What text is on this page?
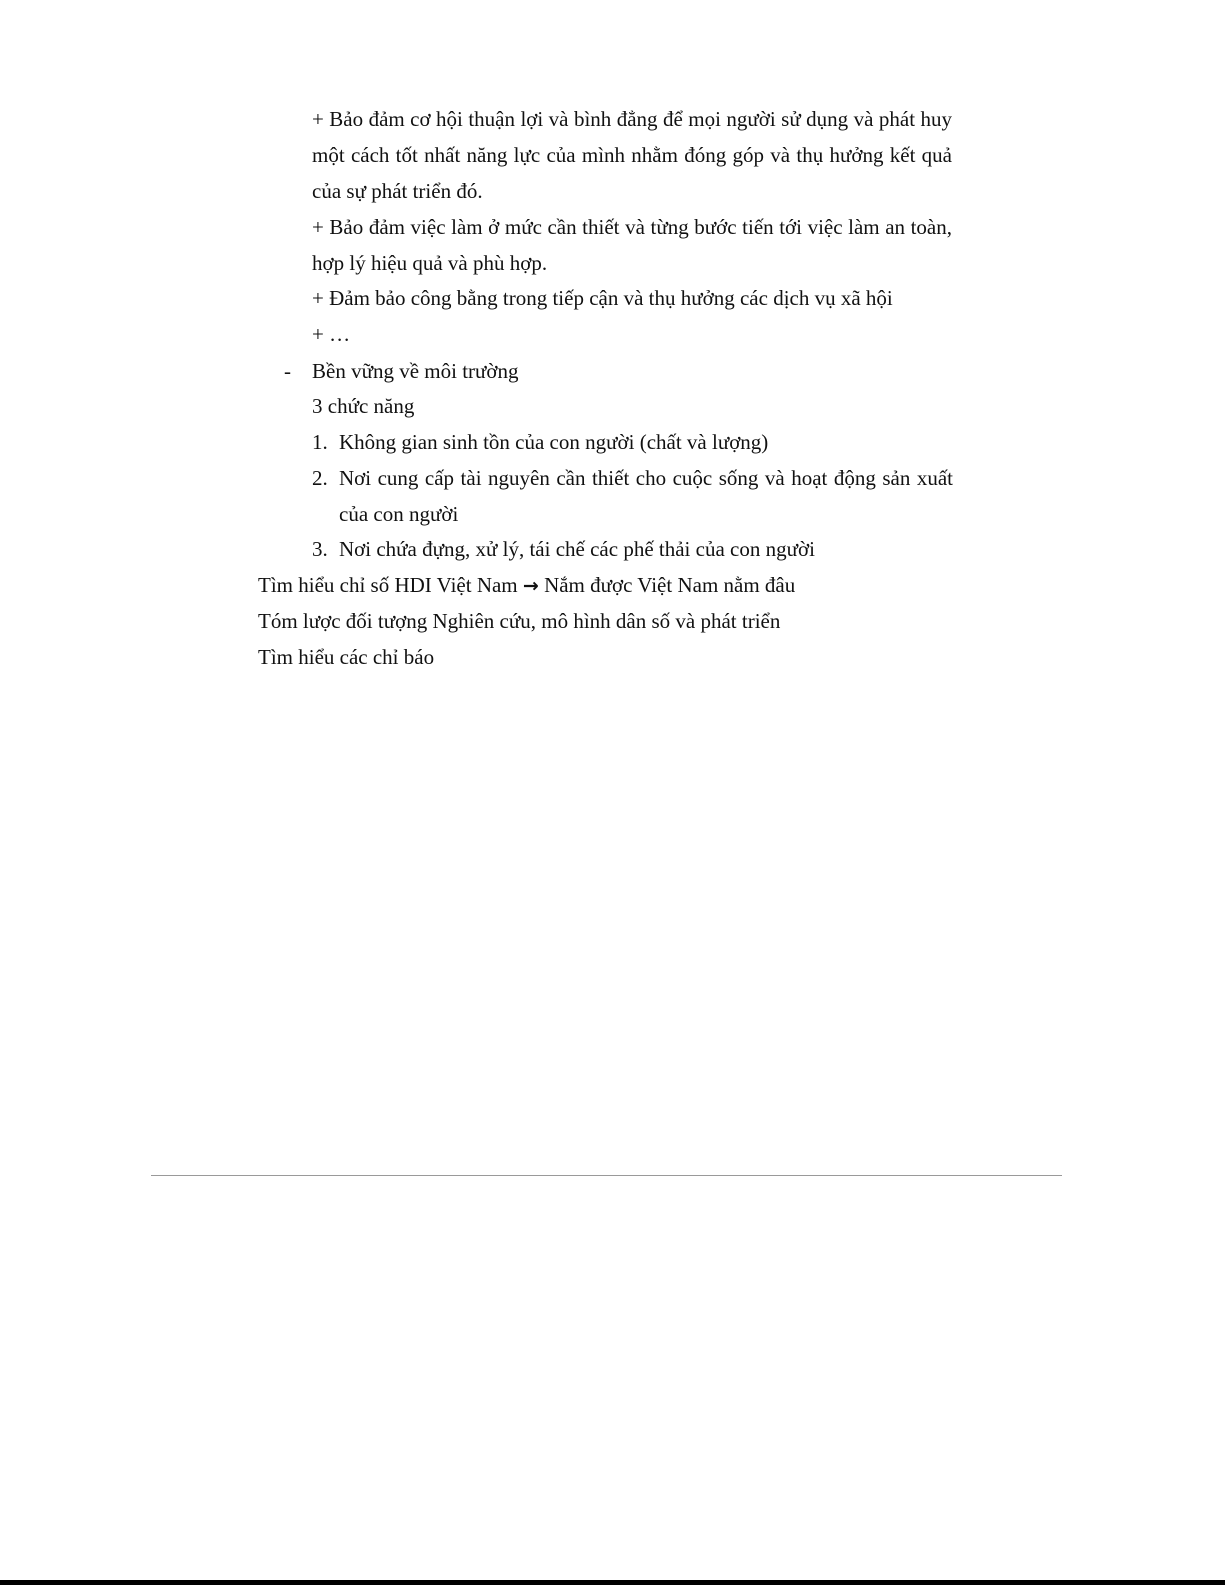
+ Bảo đảm cơ hội thuận lợi và bình đẳng để mọi người sử dụng và phát huy

một cách tốt nhất năng lực của mình nhằm đóng góp và thụ hưởng kết quả

của sự phát triển đó.

+ Bảo đảm việc làm ở mức cần thiết và từng bước tiến tới việc làm an toàn,

hợp lý hiệu quả và phù hợp.

+ Đảm bảo công bằng trong tiếp cận và thụ hưởng các dịch vụ xã hội

+ …

- Bền vững về môi trường

3 chức năng

1. Không gian sinh tồn của con người (chất và lượng)

2. Nơi cung cấp tài nguyên cần thiết cho cuộc sống và hoạt động sản xuất

của con người

3. Nơi chứa đựng, xử lý, tái chế các phế thải của con người

Tìm hiểu chỉ số HDI Việt Nam → Nắm được Việt Nam nằm đâu

Tóm lược đối tượng Nghiên cứu, mô hình dân số và phát triển

Tìm hiểu các chỉ báo
